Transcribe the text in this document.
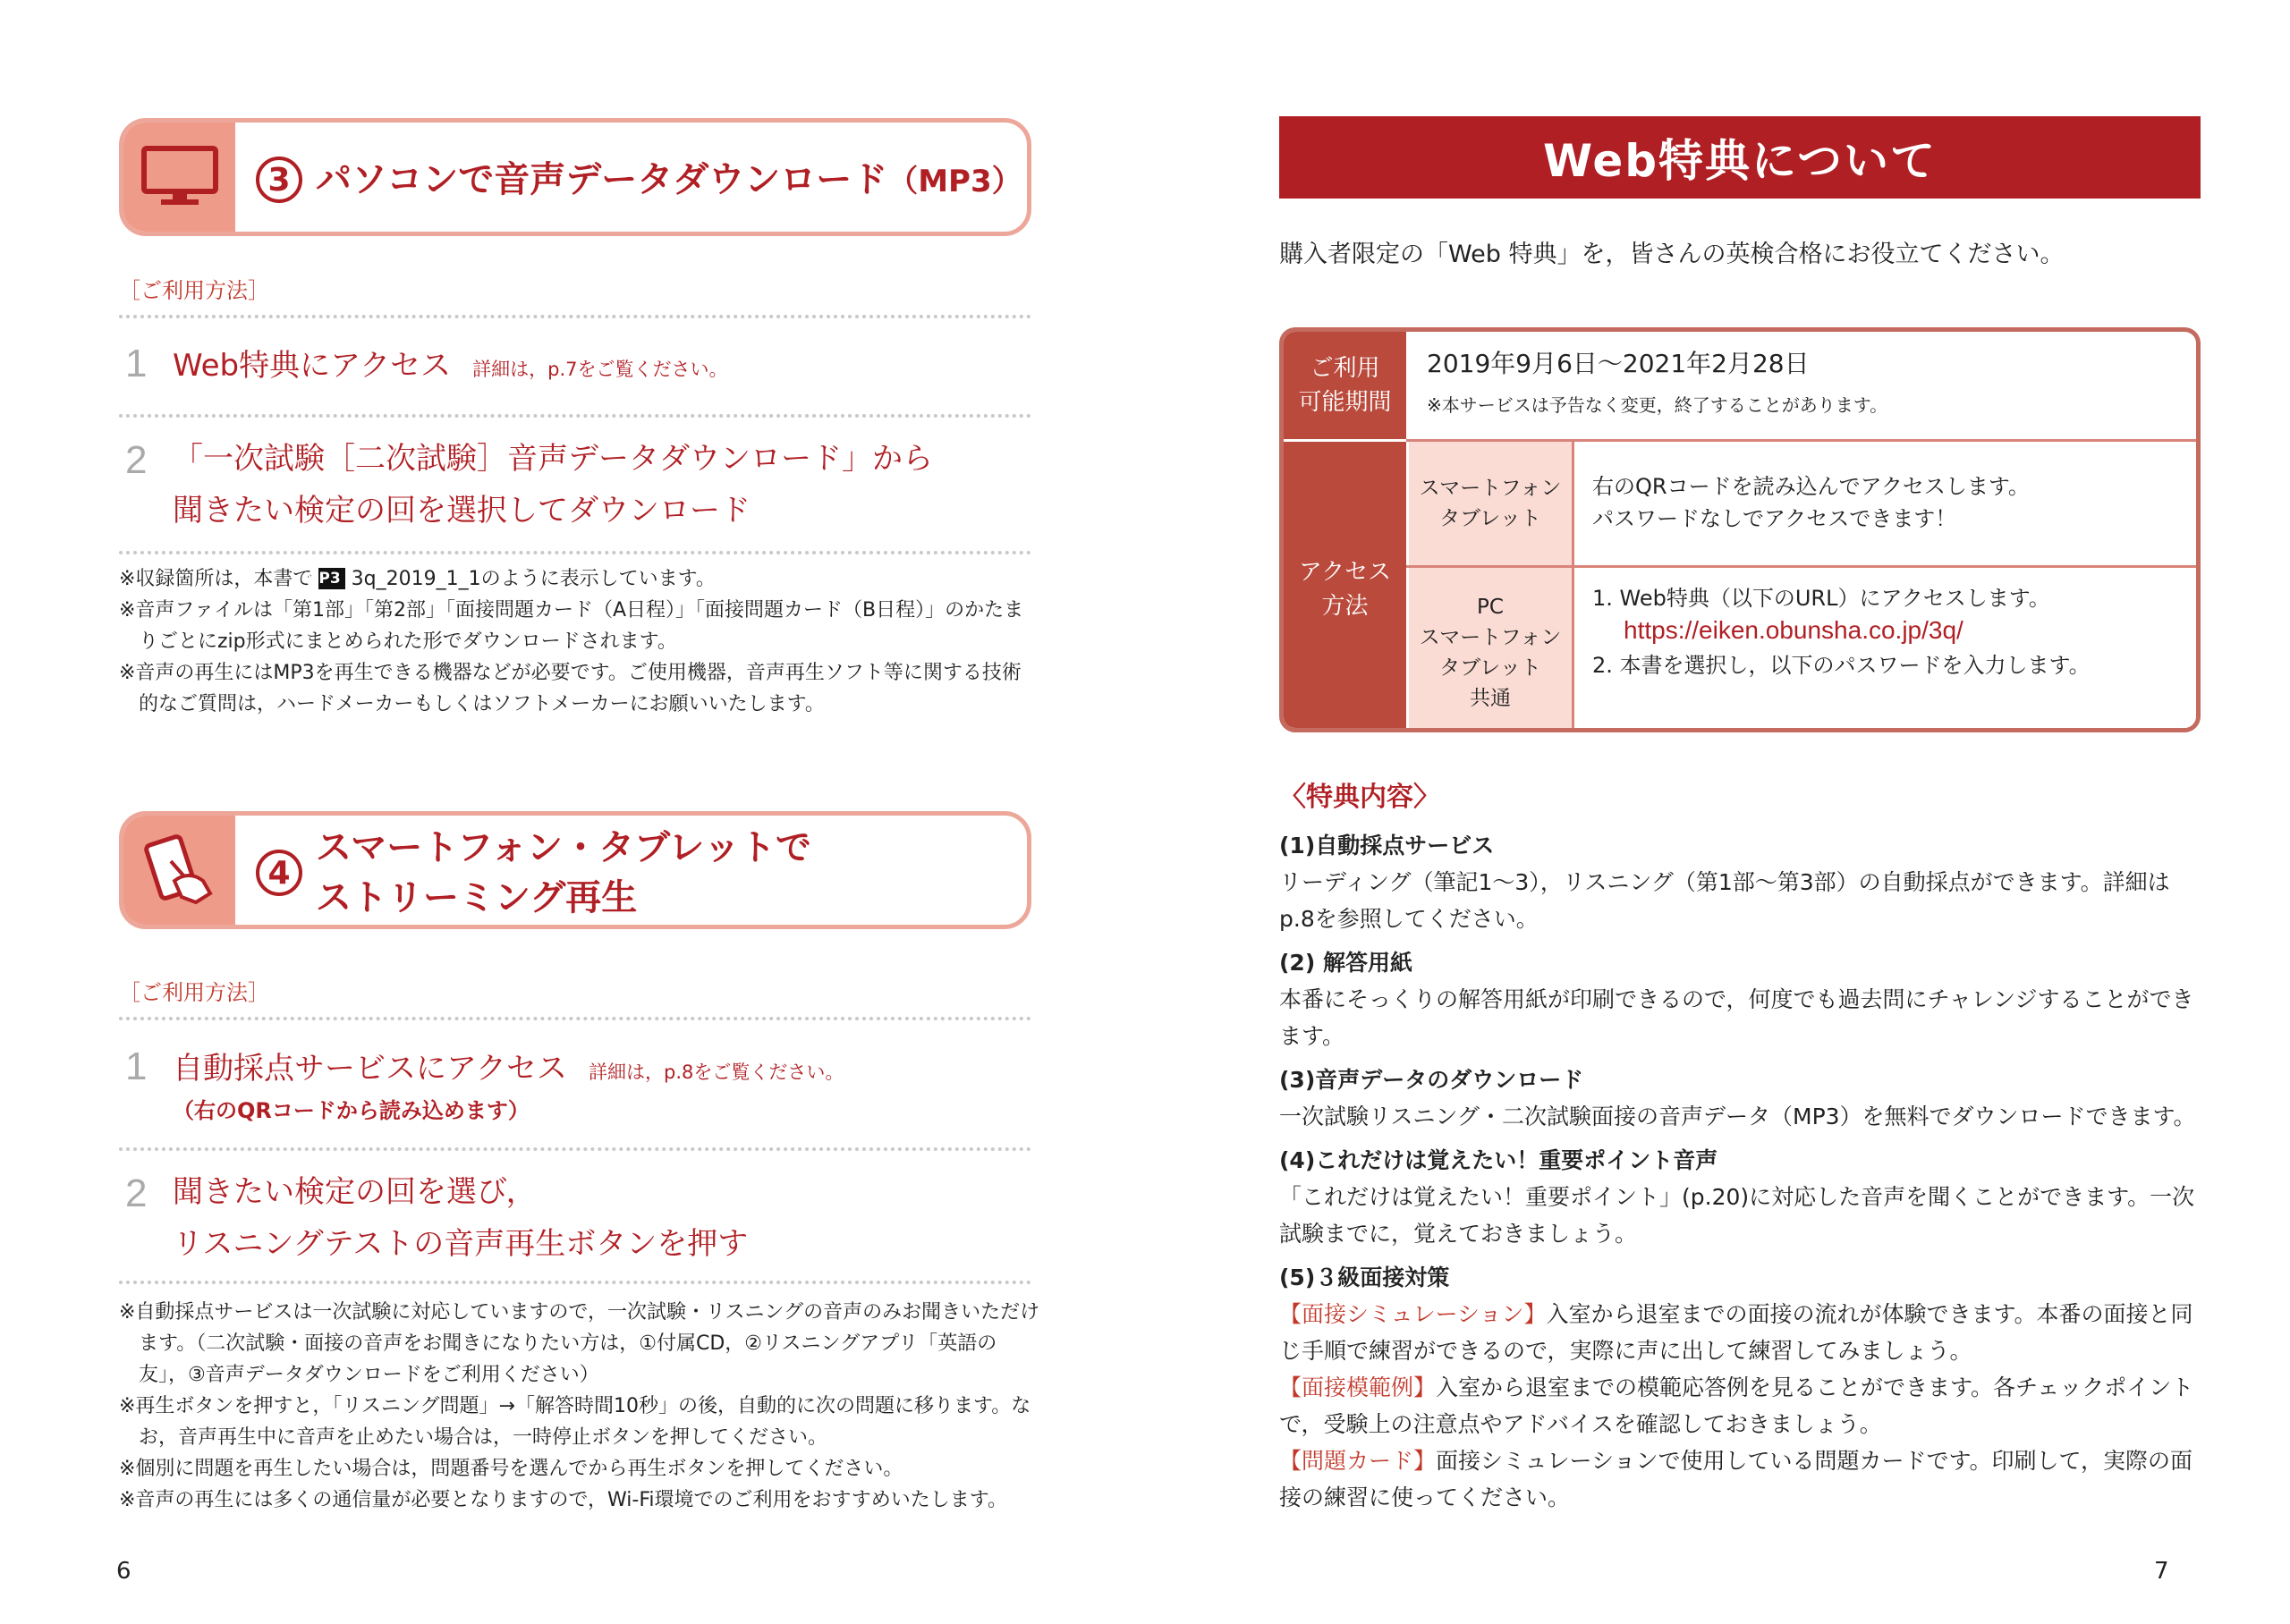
3 パソコンで音声データダウンロード（MP3）
［ご利用方法］
1 Web特典にアクセス 詳細は，p.7をご覧ください。
2 「一次試験［二次試験］音声データダウンロード」から
聞きたい検定の回を選択してダウンロード

※収録箇所は，本書で MP3 3q_2019_1_1のように表示しています。

※音声ファイルは「第1部」「第2部」「面接問題カード（A日程）」「面接問題カード（B日程）」のかたまりごとにzip形式にまとめられた形でダウンロードされます。

※音声の再生にはMP3を再生できる機器などが必要です。ご使用機器，音声再生ソフト等に関する技術的なご質問は，ハードメーカーもしくはソフトメーカーにお願いいたします。

4
スマートフォン・タブレットで
ストリーミング再生
［ご利用方法］
1 自動採点サービスにアクセス 詳細は，p.8をご覧ください。
（右のQRコードから読み込めます）
2 聞きたい検定の回を選び，
リスニングテストの音声再生ボタンを押す

※自動採点サービスは一次試験に対応していますので，一次試験・リスニングの音声のみお聞きいただけます。（二次試験・面接の音声をお聞きになりたい方は，①付属CD，②リスニングアプリ「英語の友」，③音声データダウンロードをご利用ください）

※再生ボタンを押すと，「リスニング問題」→「解答時間10秒」の後，自動的に次の問題に移ります。なお，音声再生中に音声を止めたい場合は，一時停止ボタンを押してください。

※個別に問題を再生したい場合は，問題番号を選んでから再生ボタンを押してください。

※音声の再生には多くの通信量が必要となりますので，Wi-Fi環境でのご利用をおすすめいたします。

6
Web特典について
購入者限定の「Web 特典」を，皆さんの英検合格にお役立てください。
ご利用
可能期間
2019年9月6日〜2021年2月28日
※本サービスは予告なく変更，終了することがあります。
アクセス
方法
スマートフォン
タブレット
右のQRコードを読み込んでアクセスします。
パスワードなしでアクセスできます！
PC
スマートフォン
タブレット
共通
1. Web特典（以下のURL）にアクセスします。
https://eiken.obunsha.co.jp/3q/
2. 本書を選択し，以下のパスワードを入力します。
〈特典内容〉
(1)自動採点サービス

リーディング（筆記1〜3），リスニング（第1部〜第3部）の自動採点ができます。詳細はp.8を参照してください。

(2) 解答用紙

本番にそっくりの解答用紙が印刷できるので，何度でも過去問にチャレンジすることができます。

(3)音声データのダウンロード

一次試験リスニング・二次試験面接の音声データ（MP3）を無料でダウンロードできます。

(4)これだけは覚えたい！重要ポイント音声

「これだけは覚えたい！重要ポイント」(p.20)に対応した音声を聞くことができます。一次試験までに，覚えておきましょう。

(5)３級面接対策

【面接シミュレーション】入室から退室までの面接の流れが体験できます。本番の面接と同じ手順で練習ができるので，実際に声に出して練習してみましょう。

【面接模範例】入室から退室までの模範応答例を見ることができます。各チェックポイントで，受験上の注意点やアドバイスを確認しておきましょう。

【問題カード】面接シミュレーションで使用している問題カードです。印刷して，実際の面接の練習に使ってください。

7
